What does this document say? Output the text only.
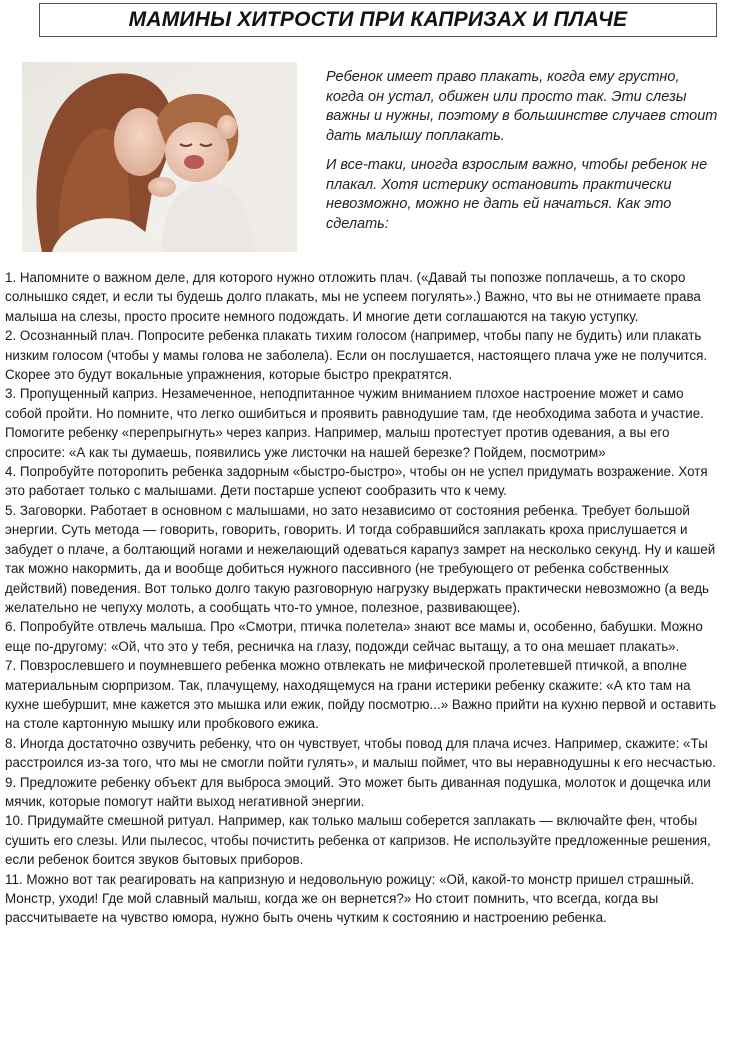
МАМИНЫ ХИТРОСТИ ПРИ КАПРИЗАХ И ПЛАЧЕ

Ребенок имеет право плакать, когда ему грустно, когда он устал, обижен или просто так. Эти слезы важны и нужны, поэтому в большинстве случаев стоит дать малышу поплакать.

И все-таки, иногда взрослым важно, чтобы ребенок не плакал. Хотя истерику остановить практически невозможно, можно не дать ей начаться. Как это сделать:

1. Напомните о важном деле, для которого нужно отложить плач. («Давай ты попозже поплачешь, а то скоро солнышко сядет, и если ты будешь долго плакать, мы не успеем погулять».) Важно, что вы не отнимаете права малыша на слезы, просто просите немного подождать. И многие дети соглашаются на такую уступку.

2. Осознанный плач. Попросите ребенка плакать тихим голосом (например, чтобы папу не будить) или плакать низким голосом (чтобы у мамы голова не заболела). Если он послушается, настоящего плача уже не получится. Скорее это будут вокальные упражнения, которые быстро прекратятся.

3. Пропущенный каприз. Незамеченное, неподпитанное чужим вниманием плохое настроение может и само собой пройти. Но помните, что легко ошибиться и проявить равнодушие там, где необходима забота и участие. Помогите ребенку «перепрыгнуть» через каприз. Например, малыш протестует против одевания, а вы его спросите: «А как ты думаешь, появились уже листочки на нашей березке? Пойдем, посмотрим»

4. Попробуйте поторопить ребенка задорным «быстро-быстро», чтобы он не успел придумать возражение. Хотя это работает только с малышами. Дети постарше успеют сообразить что к чему.

5. Заговорки. Работает в основном с малышами, но зато независимо от состояния ребенка. Требует большой энергии. Суть метода — говорить, говорить, говорить. И тогда собравшийся заплакать кроха прислушается и забудет о плаче, а болтающий ногами и нежелающий одеваться карапуз замрет на несколько секунд. Ну и кашей так можно накормить, да и вообще добиться нужного пассивного (не требующего от ребенка собственных действий) поведения. Вот только долго такую разговорную нагрузку выдержать практически невозможно (а ведь желательно не чепуху молоть, а сообщать что-то умное, полезное, развивающее).

6. Попробуйте отвлечь малыша. Про «Смотри, птичка полетела» знают все мамы и, особенно, бабушки. Можно еще по-другому: «Ой, что это у тебя, ресничка на глазу, подожди сейчас вытащу, а то она мешает плакать».

7. Повзрослевшего и поумневшего ребенка можно отвлекать не мифической пролетевшей птичкой, а вполне материальным сюрпризом. Так, плачущему, находящемуся на грани истерики ребенку скажите: «А кто там на кухне шебуршит, мне кажется это мышка или ежик, пойду посмотрю...» Важно прийти на кухню первой и оставить на столе картонную мышку или пробкового ежика.

8. Иногда достаточно озвучить ребенку, что он чувствует, чтобы повод для плача исчез. Например, скажите: «Ты расстроился из-за того, что мы не смогли пойти гулять», и малыш поймет, что вы неравнодушны к его несчастью.

9. Предложите ребенку объект для выброса эмоций. Это может быть диванная подушка, молоток и дощечка или мячик, которые помогут найти выход негативной энергии.

10. Придумайте смешной ритуал. Например, как только малыш соберется заплакать — включайте фен, чтобы сушить его слезы. Или пылесос, чтобы почистить ребенка от капризов. Не используйте предложенные решения, если ребенок боится звуков бытовых приборов.

11. Можно вот так реагировать на капризную и недовольную рожицу: «Ой, какой-то монстр пришел страшный. Монстр, уходи! Где мой славный малыш, когда же он вернется?» Но стоит помнить, что всегда, когда вы рассчитываете на чувство юмора, нужно быть очень чутким к состоянию и настроению ребенка.
